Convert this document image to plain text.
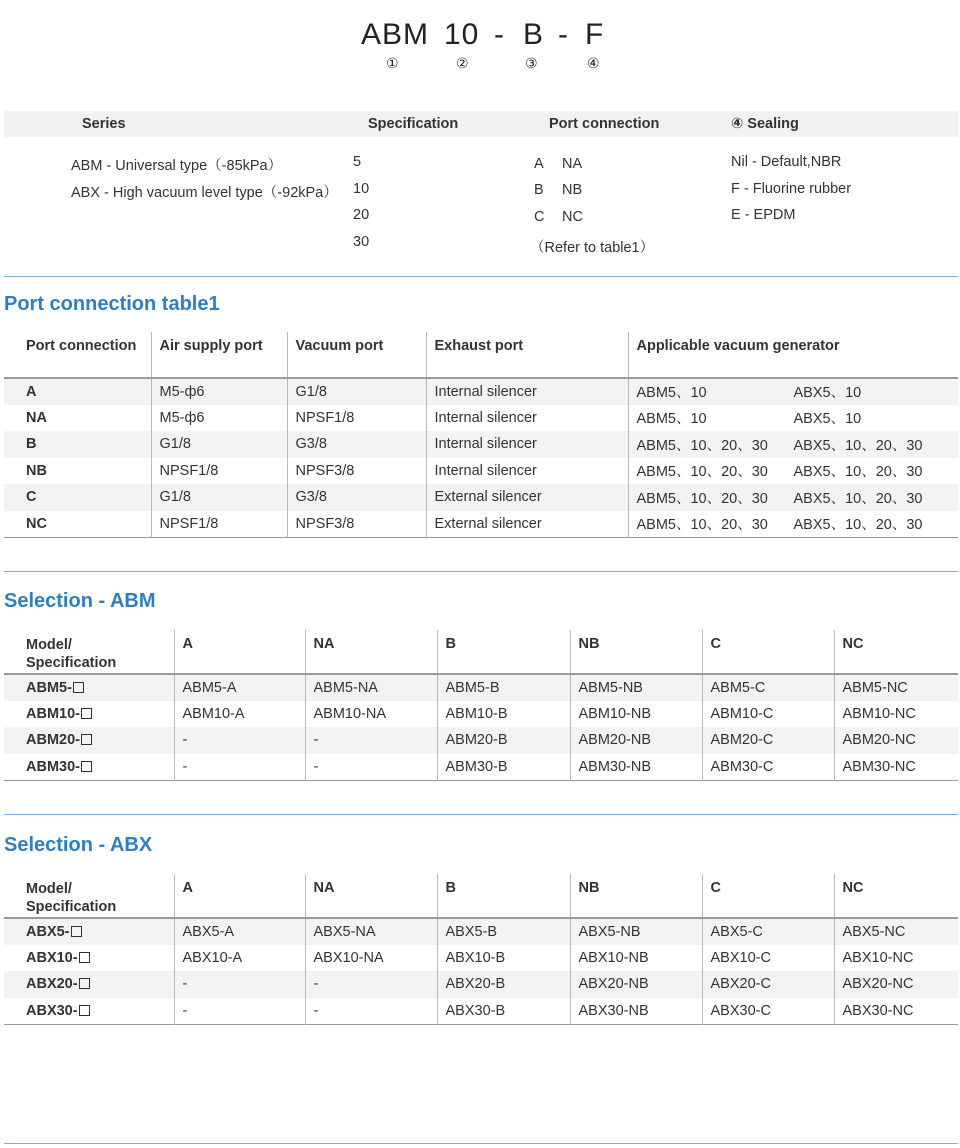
ABM 10 - B - F
①	②	③	④
Series	Specification	Port connection	④ Sealing
ABM - Universal type（-85kPa）
ABX - High vacuum level type（-92kPa）
5
10
20
30
A NA
B NB
C NC
（Refer to table1）
Nil - Default,NBR
F - Fluorine rubber
E - EPDM
Port connection table1
Port connection	Air supply port	Vacuum port	Exhaust port	Applicable vacuum generator
A	M5-ф6	G1/8	Internal silencer	ABM5、10 ABX5、10
NA	M5-ф6	NPSF1/8	Internal silencer	ABM5、10 ABX5、10
B	G1/8	G3/8	Internal silencer	ABM5、10、20、30 ABX5、10、20、30
NB	NPSF1/8	NPSF3/8	Internal silencer	ABM5、10、20、30 ABX5、10、20、30
C	G1/8	G3/8	External silencer	ABM5、10、20、30 ABX5、10、20、30
NC	NPSF1/8	NPSF3/8	External silencer	ABM5、10、20、30 ABX5、10、20、30
Selection - ABM
Model/
Specification	A	NA	B	NB	C	NC
ABM5-	ABM5-A	ABM5-NA	ABM5-B	ABM5-NB	ABM5-C	ABM5-NC
ABM10-	ABM10-A	ABM10-NA	ABM10-B	ABM10-NB	ABM10-C	ABM10-NC
ABM20-	-	-	ABM20-B	ABM20-NB	ABM20-C	ABM20-NC
ABM30-	-	-	ABM30-B	ABM30-NB	ABM30-C	ABM30-NC
Selection - ABX
Model/
Specification	A	NA	B	NB	C	NC
ABX5-	ABX5-A	ABX5-NA	ABX5-B	ABX5-NB	ABX5-C	ABX5-NC
ABX10-	ABX10-A	ABX10-NA	ABX10-B	ABX10-NB	ABX10-C	ABX10-NC
ABX20-	-	-	ABX20-B	ABX20-NB	ABX20-C	ABX20-NC
ABX30-	-	-	ABX30-B	ABX30-NB	ABX30-C	ABX30-NC
